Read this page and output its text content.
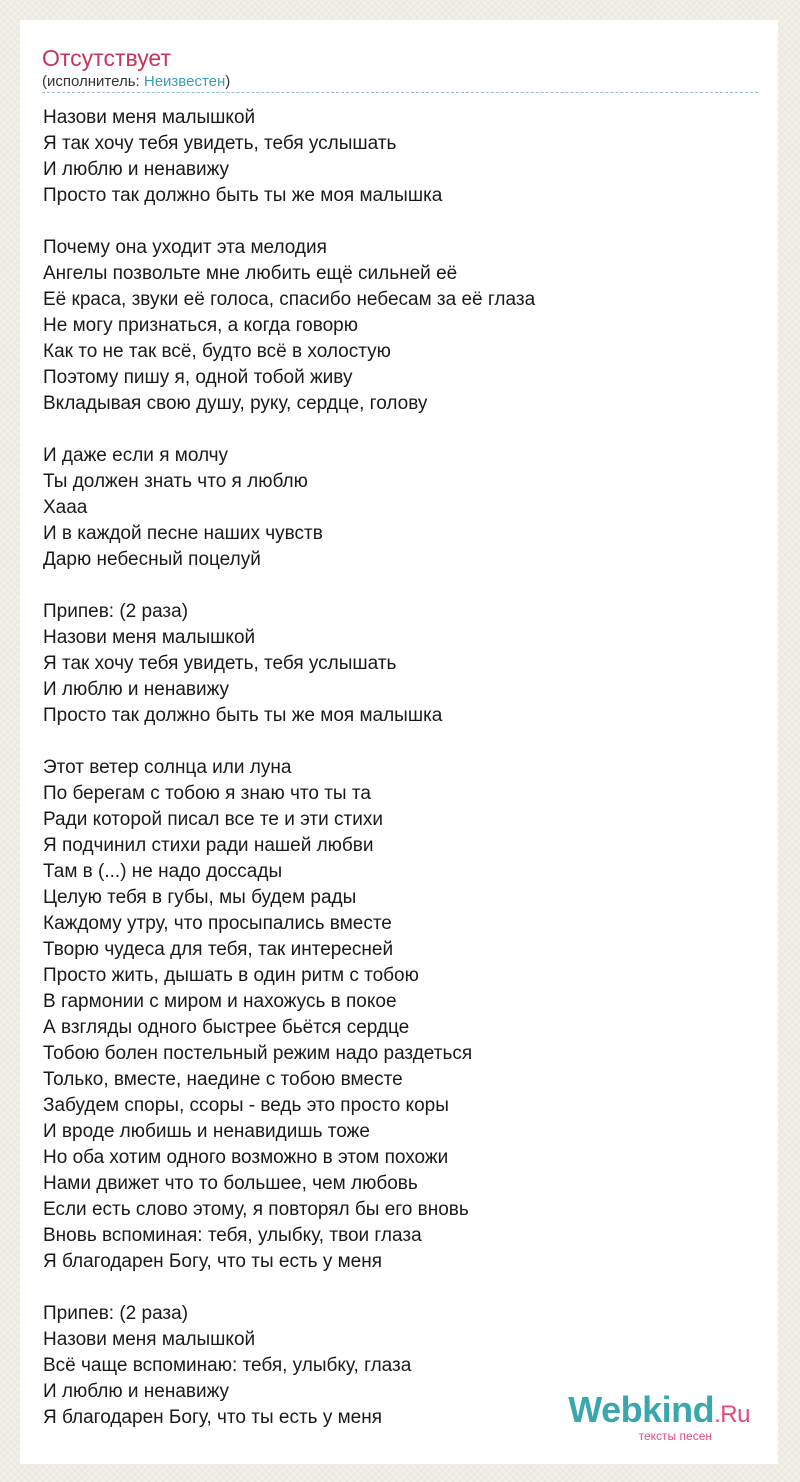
Отсутствует
(исполнитель: Неизвестен)
Назови меня малышкой
Я так хочу тебя увидеть, тебя услышать
И люблю и ненавижу
Просто так должно быть ты же моя малышка
Почему она уходит эта мелодия
Ангелы позвольте мне любить ещё сильней её
Её краса, звуки её голоса, спасибо небесам за её глаза
Не могу признаться, а когда говорю
Как то не так всё, будто всё в холостую
Поэтому пишу я, одной тобой живу
Вкладывая свою душу, руку, сердце, голову
И даже если я молчу
Ты должен знать что я люблю
Хааа
И в каждой песне наших чувств
Дарю небесный поцелуй
Припев: (2 раза)
Назови меня малышкой
Я так хочу тебя увидеть, тебя услышать
И люблю и ненавижу
Просто так должно быть ты же моя малышка
Этот ветер солнца или луна
По берегам с тобою я знаю что ты та
Ради которой писал все те и эти стихи
Я подчинил стихи ради нашей любви
Там в (...) не надо доссады
Целую тебя в губы, мы будем рады
Каждому утру, что просыпались вместе
Творю чудеса для тебя, так интересней
Просто жить, дышать в один ритм с тобою
В гармонии с миром и нахожусь в покое
А взгляды одного быстрее бьётся сердце
Тобою болен постельный режим надо раздеться
Только, вместе, наедине с тобою вместе
Забудем споры, ссоры - ведь это просто коры
И вроде любишь и ненавидишь тоже
Но оба хотим одного возможно в этом похожи
Нами движет что то большее, чем любовь
Если есть слово этому, я повторял бы его вновь
Вновь вспоминая: тебя, улыбку, твои глаза
Я благодарен Богу, что ты есть у меня
Припев: (2 раза)
Назови меня малышкой
Всё чаще вспоминаю: тебя, улыбку, глаза
И люблю и ненавижу
Я благодарен Богу, что ты есть у меня	Webkind.Ru
тексты песен
